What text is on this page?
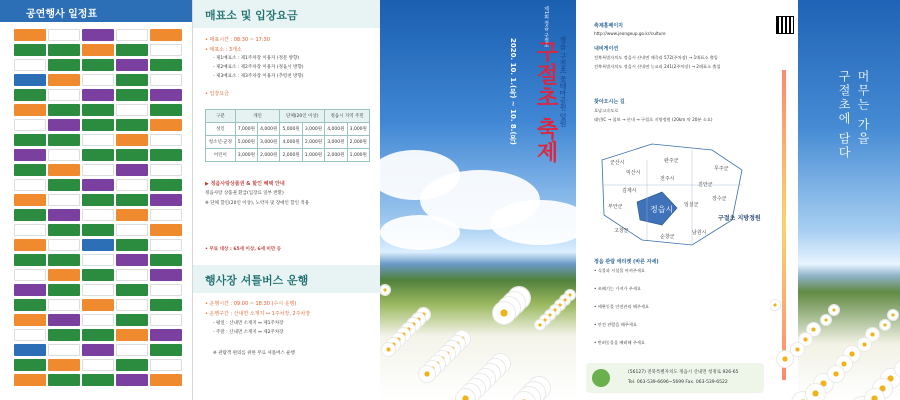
공연행사 일정표	매표소 및 입장요금
• 매표시간 : 08:30 ~ 17:30
• 매표소 : 3개소
- 제1매표소 : 제1주차장 이용자 (정문 방향)
- 제2매표소 : 제2주차장 이용자 (정읍시 방향)
- 제3매표소 : 제3주차장 이용자 (추령천 방향)
• 입장요금
구분	개인		단체(20인 이상)		정읍시 지역 주민	
성인	7,000원	4,000원	5,000원	3,000원	4,000원	3,000원
청소년·군경	5,000원	3,000원	4,000원	2,000원	3,000원	2,000원
어린이	3,000원	2,000원	2,000원	1,000원	2,000원	1,000원
▶ 정읍사랑상품권 & 할인 혜택 안내
정읍사랑 상품권 환급(입장료 일부 반환)
※ 단체 할인(20인 이상), 노약자 및 장애인 할인 적용
• 무료 대상 : 65세 이상, 6세 미만 등
행사장 셔틀버스 운행
• 운행시간 : 09:00 ~ 18:30 (수시 운행)
• 운행구간 : 산내면 소재지 ↔ 1주차장, 2주차장
- 평일 : 산내면 소재지 ↔ 제1주차장
- 주말 : 산내면 소재지 ↔ 제2주차장
※ 관람객 편의를 위한 무료 셔틀버스 운행
제1회 정읍 구절초
정읍 구절초 꽃테마공원 일원
구절초 축제
2020. 10. 1.(목) ~ 10. 8.(목)
축제홈페이지
http://www.jeongeup.go.kr/culture
내비게이션
전북특별자치도 정읍시 산내면 매죽리 572(주차장) → 1매표소 출입
전북특별자치도 정읍시 산내면 능교리 241(2주차장) → 2매표소 출입
찾아오시는 길
호남고속도로
태인IC → 칠보 → 산내 → 구절초 지방정원 (20km 약 20분 소요)
정읍시
익산시
군산시	완주군
김제시
전주시
무주군
진안군
부안군	임실군
장수군
고창군
순창군
남원시
구절초 지방정원
정읍 관람 에티켓 (바른 자세)
• 식물과 시설물 아껴주세요
• 쓰레기는 가져가 주세요
• 애완동물 안전관리 해주세요
• 안전 관람을 해주세요
• 반려동물을 배려해 주세요
(56127) 전북특별자치도 정읍시 산내면 청정로 926-65
Tel. 063-539-6696~5699 Fax. 063-539-6522
머무는 가을
구절초에 담다
